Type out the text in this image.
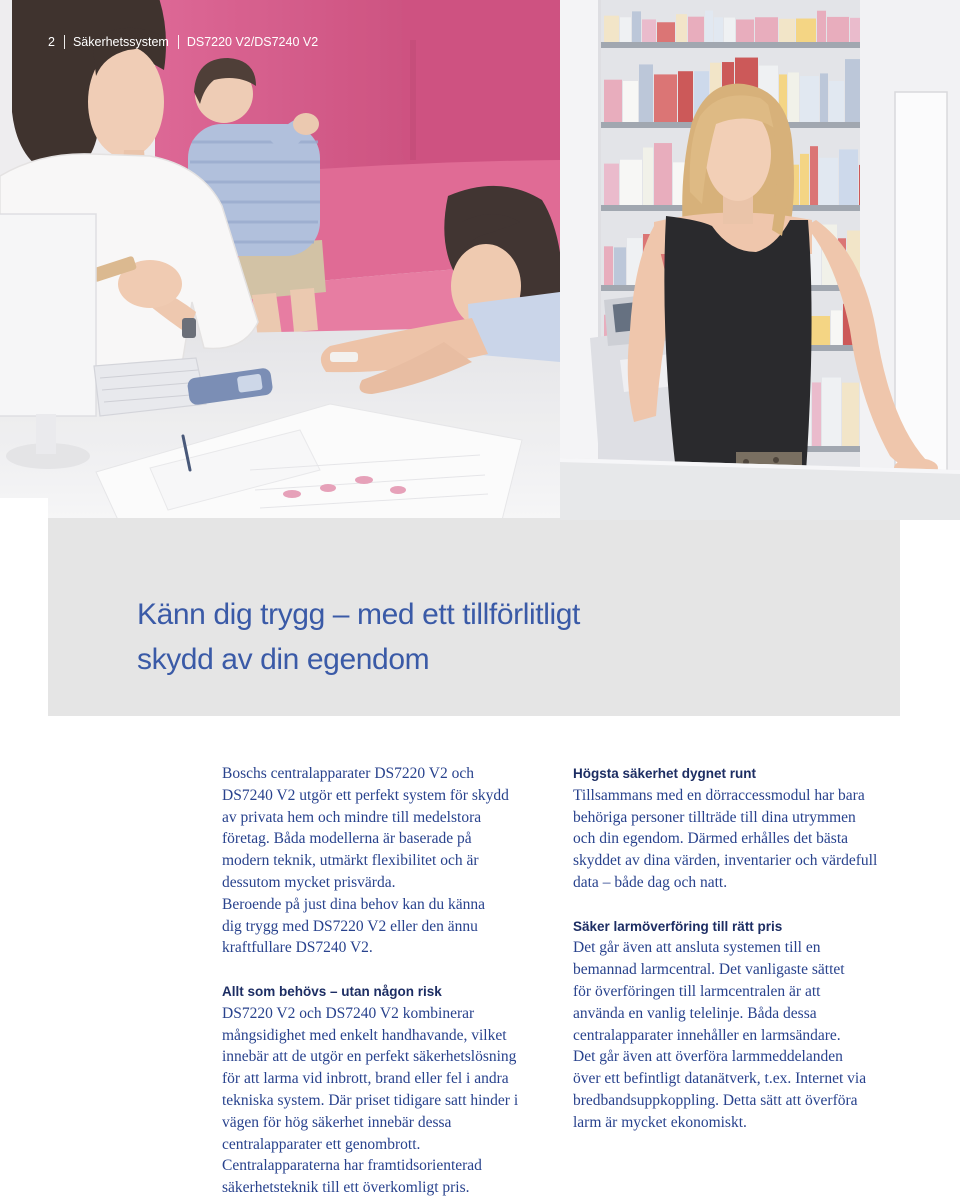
2 Säkerhetssystem DS7220 V2/DS7240 V2
Känn dig trygg – med ett tillförlitligt
skydd av din egendom

Boschs centralapparater DS7220 V2 och
DS7240 V2 utgör ett perfekt system för skydd
av privata hem och mindre till medelstora
företag. Båda modellerna är baserade på
modern teknik, utmärkt flexibilitet och är
dessutom mycket prisvärda.

Beroende på just dina behov kan du känna
dig trygg med DS7220 V2 eller den ännu
kraftfullare DS7240 V2.

Allt som behövs – utan någon risk

DS7220 V2 och DS7240 V2 kombinerar
mångsidighet med enkelt handhavande, vilket
innebär att de utgör en perfekt säkerhetslösning
för att larma vid inbrott, brand eller fel i andra
tekniska system. Där priset tidigare satt hinder i
vägen för hög säkerhet innebär dessa
centralapparater ett genombrott.

Centralapparaterna har framtidsorienterad
säkerhetsteknik till ett överkomligt pris.

Högsta säkerhet dygnet runt

Tillsammans med en dörraccessmodul har bara
behöriga personer tillträde till dina utrymmen
och din egendom. Därmed erhålles det bästa
skyddet av dina värden, inventarier och värdefull
data – både dag och natt.

Säker larmöverföring till rätt pris

Det går även att ansluta systemen till en
bemannad larmcentral. Det vanligaste sättet
för överföringen till larmcentralen är att
använda en vanlig telelinje. Båda dessa
centralapparater innehåller en larmsändare.

Det går även att överföra larmmeddelanden
över ett befintligt datanätverk, t.ex. Internet via
bredbandsuppkoppling. Detta sätt att överföra
larm är mycket ekonomiskt.
